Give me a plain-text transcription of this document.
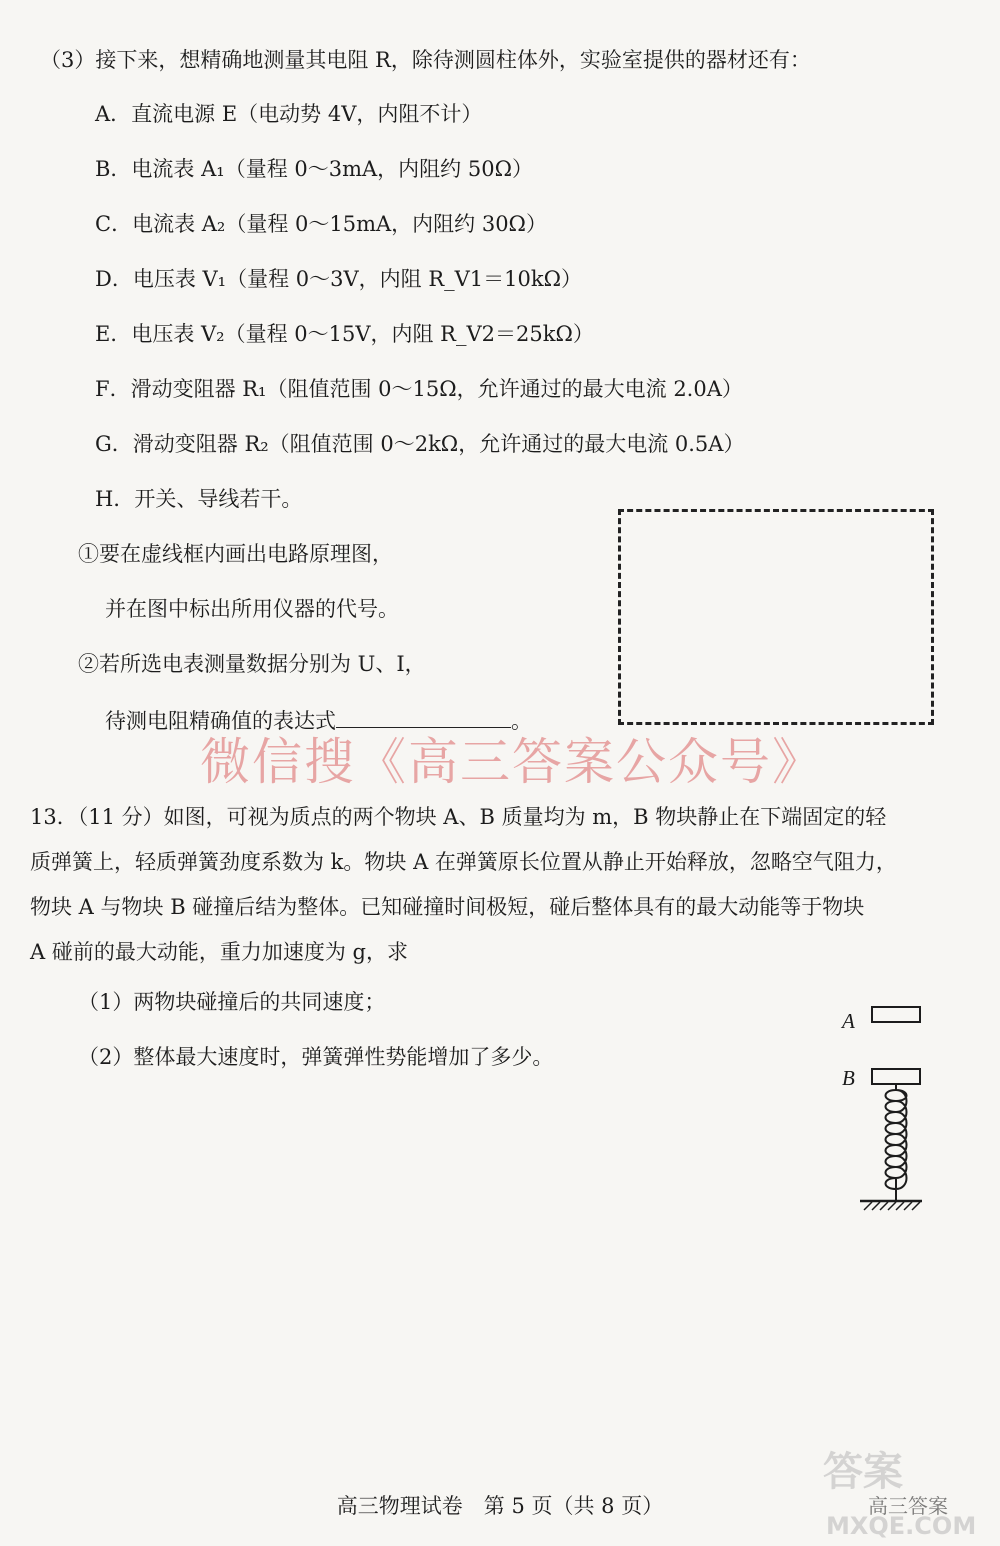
（3）接下来，想精确地测量其电阻 R，除待测圆柱体外，实验室提供的器材还有：
A．直流电源 E（电动势 4V，内阻不计）
B．电流表 A₁（量程 0～3mA，内阻约 50Ω）
C．电流表 A₂（量程 0～15mA，内阻约 30Ω）
D．电压表 V₁（量程 0～3V，内阻 R_V1＝10kΩ）
E．电压表 V₂（量程 0～15V，内阻 R_V2＝25kΩ）
F．滑动变阻器 R₁（阻值范围 0～15Ω，允许通过的最大电流 2.0A）
G．滑动变阻器 R₂（阻值范围 0～2kΩ，允许通过的最大电流 0.5A）
H．开关、导线若干。
①要在虚线框内画出电路原理图，
并在图中标出所用仪器的代号。
②若所选电表测量数据分别为 U、I，
待测电阻精确值的表达式	。
微信搜《高三答案公众号》
13．（11 分）如图，可视为质点的两个物块 A、B 质量均为 m，B 物块静止在下端固定的轻
质弹簧上，轻质弹簧劲度系数为 k。物块 A 在弹簧原长位置从静止开始释放，忽略空气阻力，
物块 A 与物块 B 碰撞后结为整体。已知碰撞时间极短，碰后整体具有的最大动能等于物块
A 碰前的最大动能，重力加速度为 g，求
（1）两物块碰撞后的共同速度；
（2）整体最大速度时，弹簧弹性势能增加了多少。
A
B
高三物理试卷　第 5 页（共 8 页）
答案
高三答案
MXQE.COM
